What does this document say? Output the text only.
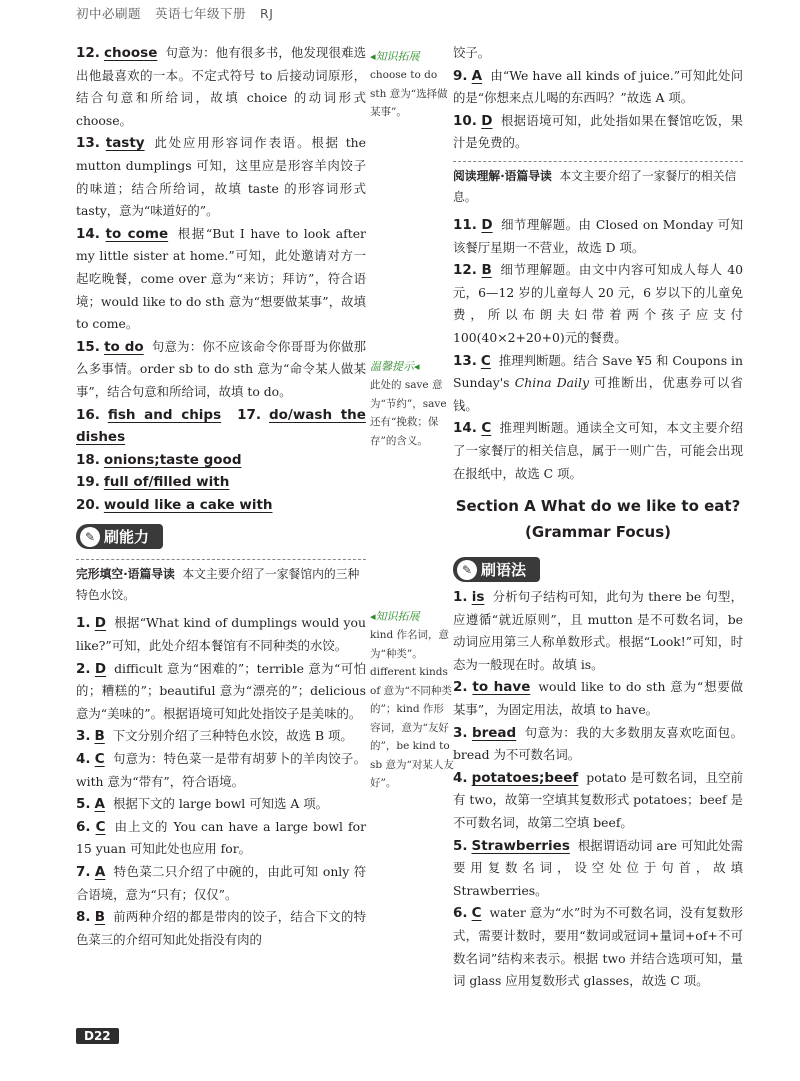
初中必刷题 英语七年级下册 RJ

12. choose 句意为：他有很多书，他发现很难选出他最喜欢的一本。不定式符号 to 后接动词原形，结合句意和所给词，故填 choice 的动词形式 choose。

13. tasty 此处应用形容词作表语。根据 the mutton dumplings 可知，这里应是形容羊肉饺子的味道；结合所给词，故填 taste 的形容词形式 tasty，意为“味道好的”。

14. to come 根据“But I have to look after my little sister at home.”可知，此处邀请对方一起吃晚餐，come over 意为“来访；拜访”，符合语境；would like to do sth 意为“想要做某事”，故填 to come。

15. to do 句意为：你不应该命令你哥哥为你做那么多事情。order sb to do sth 意为“命令某人做某事”，结合句意和所给词，故填 to do。

16. fish and chips 17. do/wash the dishes

18. onions;taste good

19. full of/filled with

20. would like a cake with

✎ 刷能力
完形填空·语篇导读 本文主要介绍了一家餐馆内的三种特色水饺。

1. D 根据“What kind of dumplings would you like?”可知，此处介绍本餐馆有不同种类的水饺。

2. D difficult 意为“困难的”；terrible 意为“可怕的；糟糕的”；beautiful 意为“漂亮的”；delicious 意为“美味的”。根据语境可知此处指饺子是美味的。

3. B 下文分别介绍了三种特色水饺，故选 B 项。

4. C 句意为：特色菜一是带有胡萝卜的羊肉饺子。with 意为“带有”，符合语境。

5. A 根据下文的 large bowl 可知选 A 项。

6. C 由上文的 You can have a large bowl for 15 yuan 可知此处也应用 for。

7. A 特色菜二只介绍了中碗的，由此可知 only 符合语境，意为“只有；仅仅”。

8. B 前两种介绍的都是带肉的饺子，结合下文的特色菜三的介绍可知此处指没有肉的

◂知识拓展
choose to do sth 意为“选择做某事”。
温馨提示◂
此处的 save 意为“节约”，save 还有“挽救；保存”的含义。
◂知识拓展
kind 作名词，意为“种类”。different kinds of 意为“不同种类的”；kind 作形容词，意为“友好的”，be kind to sb 意为“对某人友好”。

饺子。

9. A 由“We have all kinds of juice.”可知此处问的是“你想来点儿喝的东西吗？”故选 A 项。

10. D 根据语境可知，此处指如果在餐馆吃饭，果汁是免费的。

阅读理解·语篇导读 本文主要介绍了一家餐厅的相关信息。

11. D 细节理解题。由 Closed on Monday 可知该餐厅星期一不营业，故选 D 项。

12. B 细节理解题。由文中内容可知成人每人 40 元，6—12 岁的儿童每人 20 元，6 岁以下的儿童免费，所以布朗夫妇带着两个孩子应支付 100(40×2+20+0)元的餐费。

13. C 推理判断题。结合 Save ¥5 和 Coupons in Sunday's China Daily 可推断出，优惠券可以省钱。

14. C 推理判断题。通读全文可知，本文主要介绍了一家餐厅的相关信息，属于一则广告，可能会出现在报纸中，故选 C 项。

Section A What do we like to eat?
(Grammar Focus)
✎ 刷语法

1. is 分析句子结构可知，此句为 there be 句型，应遵循“就近原则”，且 mutton 是不可数名词，be 动词应用第三人称单数形式。根据“Look!”可知，时态为一般现在时。故填 is。

2. to have would like to do sth 意为“想要做某事”，为固定用法，故填 to have。

3. bread 句意为：我的大多数朋友喜欢吃面包。bread 为不可数名词。

4. potatoes;beef potato 是可数名词，且空前有 two，故第一空填其复数形式 potatoes；beef 是不可数名词，故第二空填 beef。

5. Strawberries 根据谓语动词 are 可知此处需要用复数名词，设空处位于句首，故填 Strawberries。

6. C water 意为“水”时为不可数名词，没有复数形式，需要计数时，要用“数词或冠词+量词+of+不可数名词”结构来表示。根据 two 并结合选项可知，量词 glass 应用复数形式 glasses，故选 C 项。

D22
